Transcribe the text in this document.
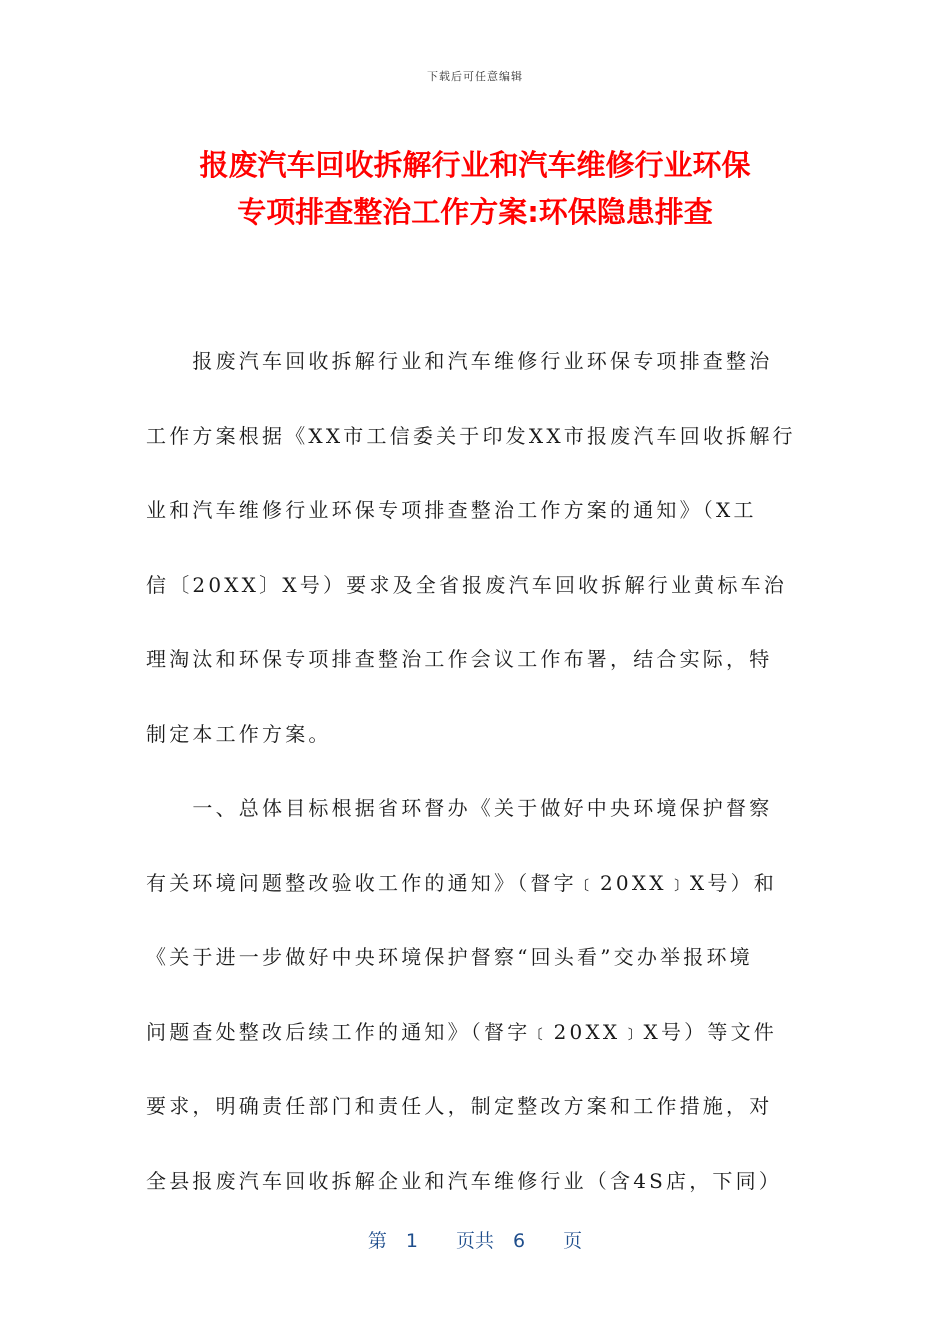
下载后可任意编辑
报废汽车回收拆解行业和汽车维修行业环保
专项排查整治工作方案:环保隐患排查
　　报废汽车回收拆解行业和汽车维修行业环保专项排查整治
工作方案根据《XX市工信委关于印发XX市报废汽车回收拆解行
业和汽车维修行业环保专项排查整治工作方案的通知》（X工
信〔20XX〕X号）要求及全省报废汽车回收拆解行业黄标车治
理淘汰和环保专项排查整治工作会议工作布署，结合实际，特
制定本工作方案。
　　一、总体目标根据省环督办《关于做好中央环境保护督察
有关环境问题整改验收工作的通知》（督字﹝20XX﹞X号）和
《关于进一步做好中央环境保护督察“回头看”交办举报环境
问题查处整改后续工作的通知》（督字﹝20XX﹞X号）等文件
要求，明确责任部门和责任人，制定整改方案和工作措施，对
全县报废汽车回收拆解企业和汽车维修行业（含4S店，下同）
第　1　　页共　6　　页
